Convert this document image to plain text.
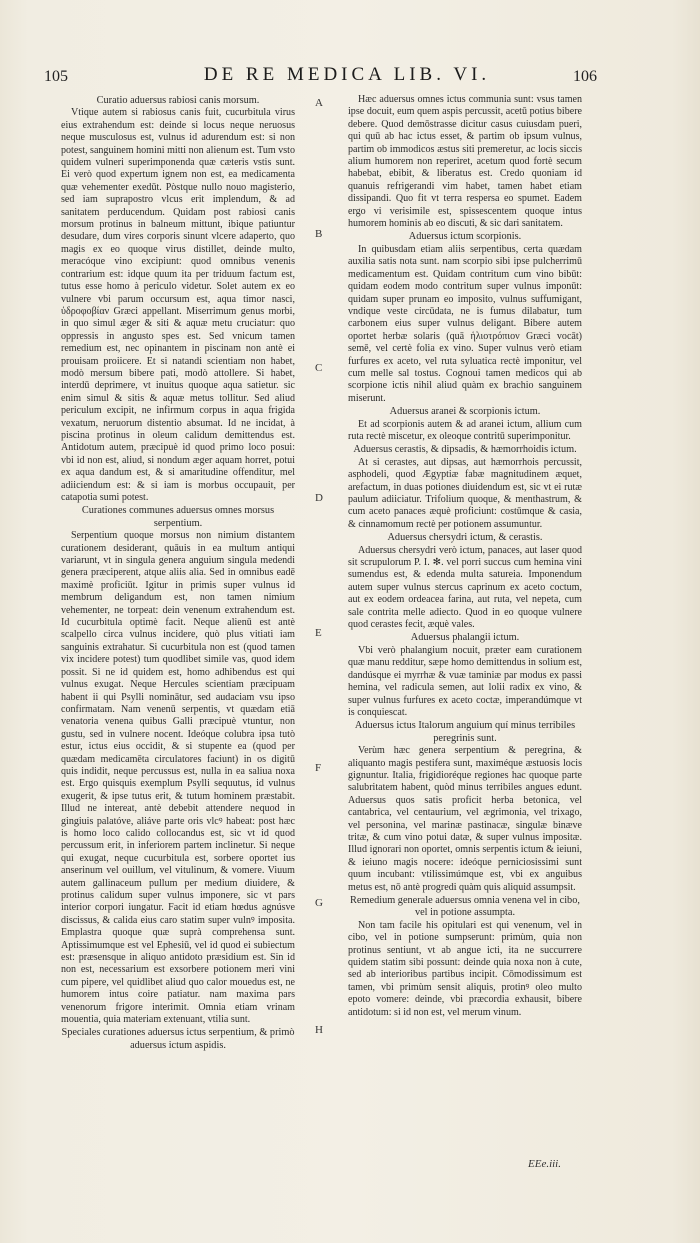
105	DE RE MEDICA LIB. VI.	106
Curatio aduersus rabiosi canis morsum.
Vtique autem si rabiosus canis fuit, cucurbitula virus eius extrahendum est: deinde si locus neque neruosus neque musculosus est, vulnus id adurendum est: si non potest, sanguinem homini mitti non alienum est. Tum vsto quidem vulneri superimponenda quæ cæteris vstis sunt. Ei verò quod expertum ignem non est, ea medicamenta quæ vehementer exedūt. Pòstque nullo nouo magisterio, sed iam suprapostro vlcus erit implendum, & ad sanitatem perducendum. Quidam post rabiosi canis morsum protinus in balneum mittunt, ibique patiuntur desudare, dum vires corporis sinunt vlcere adaperto, quo magis ex eo quoque virus distillet, deinde multo, meracóque vino excipiunt: quod omnibus venenis contrarium est: idque quum ita per triduum factum est, tutus esse homo à periculo videtur. Solet autem ex eo vulnere vbi parum occursum est, aqua timor nasci, ὑδροφοβίαν Græci appellant. Miserrimum genus morbi, in quo simul æger & siti & aquæ metu cruciatur: quo oppressis in angusto spes est. Sed vnicum tamen remedium est, nec opinantem in piscinam non antè ei prouisam proiicere. Et si natandi scientiam non habet, modò mersum bibere pati, modò attollere. Si habet, interdū deprimere, vt inuitus quoque aqua satietur. sic enim simul & sitis & aquæ metus tollitur. Sed aliud periculum excipit, ne infirmum corpus in aqua frigida vexatum, neruorum distentio absumat. Id ne incidat, à piscina protinus in oleum calidum demittendus est. Antidotum autem, præcipuè id quod primo loco posui: vbi id non est, aliud, si nondum æger aquam horret, potui ex aqua dandum est, & si amaritudine offenditur, mel adiiciendum est: & si iam is morbus occupauit, per catapotia sumi potest.
Curationes communes aduersus omnes morsus serpentium.
Serpentium quoque morsus non nimium distantem curationem desiderant, quāuis in ea multum antiqui variarunt, vt in singula genera anguium singula medendi genera præciperent, atque aliis alia. Sed in omnibus eadē maximè proficiūt. Igitur in primis super vulnus id membrum deligandum est, non tamen nimium vehementer, ne torpeat: dein venenum extrahendum est. Id cucurbitula optimè facit. Neque alienū est antè scalpello circa vulnus incidere, quò plus vitiati iam sanguinis extrahatur. Si cucurbitula non est (quod tamen vix incidere potest) tum quodlibet simile vas, quod idem possit. Si ne id quidem est, homo adhibendus est qui vulnus exugat. Neque Hercules scientiam præcipuam habent ii qui Psylli nominātur, sed audaciam vsu ipso confirmatam. Nam venenū serpentis, vt quædam etiā venatoria venena quibus Galli præcipuè vtuntur, non gustu, sed in vulnere nocent. Ideóque colubra ipsa tutò estur, ictus eius occidit, & si stupente ea (quod per quædam medicamēta circulatores faciunt) in os digitū quis indidit, neque percussus est, nulla in ea saliua noxa est. Ergo quisquis exemplum Psylli sequutus, id vulnus exugerit, & ipse tutus erit, & tutum hominem præstabit. Illud ne intereat, antè debebit attendere nequod in gingiuis palatóve, aliáve parte oris vlcꝰ habeat: post hæc is homo loco calido collocandus est, sic vt id quod percussum erit, in inferiorem partem inclinetur. Si neque qui exugat, neque cucurbitula est, sorbere oportet ius anserinum vel ouillum, vel vitulinum, & vomere. Viuum autem gallinaceum pullum per medium diuidere, & protinus calidum super vulnus imponere, sic vt pars interior corpori iungatur. Facit id etiam hœdus agnúsve discissus, & calida eius caro statim super vulnꝰ imposita. Emplastra quoque quæ suprà comprehensa sunt. Aptissimumque est vel Ephesiū, vel id quod ei subiectum est: præsensque in aliquo antidoto præsidium est. Sin id non est, necessarium est exsorbere potionem meri vini cum pipere, vel quidlibet aliud quo calor mouedus est, ne humorem intus coire patiatur. nam maxima pars venenorum frigore interimit. Omnia etiam vrinam mouentia, quia materiam extenuant, vtilia sunt.
Speciales curationes aduersus ictus serpentium, & primò aduersus ictum aspidis.
Hæc aduersus omnes ictus communia sunt: vsus tamen ipse docuit, eum quem aspis percussit, acetū potius bibere debere. Quod demōstrasse dicitur casus cuiusdam pueri, qui quū ab hac ictus esset, & partim ob ipsum vulnus, partim ob immodicos æstus siti premeretur, ac locis siccis alium humorem non reperiret, acetum quod fortè secum habebat, ebibit, & liberatus est. Credo quoniam id quanuis refrigerandi vim habet, tamen habet etiam dissipandi. Quo fit vt terra respersa eo spumet. Eadem ergo vi verisimile est, spissescentem quoque intus humorem hominis ab eo discuti, & sic dari sanitatem.
Aduersus ictum scorpionis.
In quibusdam etiam aliis serpentibus, certa quædam auxilia satis nota sunt. nam scorpio sibi ipse pulcherrimū medicamentum est. Quidam contritum cum vino bibūt: quidam eodem modo contritum super vulnus imponūt: quidam super prunam eo imposito, vulnus suffumigant, vndique veste circūdata, ne is fumus dilabatur, tum carbonem eius super vulnus deligant. Bibere autem oportet herbæ solaris (quā ἡλιοτρόπιον Græci vocāt) semē, vel certè folia ex vino. Super vulnus verò etiam furfures ex aceto, vel ruta syluatica rectè imponitur, vel cum melle sal tostus. Cognoui tamen medicos qui ab scorpione ictis nihil aliud quàm ex brachio sanguinem miserunt.
Aduersus aranei & scorpionis ictum.
Et ad scorpionis autem & ad aranei ictum, allium cum ruta rectè miscetur, ex oleoque contritū superimponitur.
Aduersus cerastis, & dipsadis, & hæmorrhoidis ictum.
At si cerastes, aut dipsas, aut hæmorrhois percussit, asphodeli, quod Ægyptiæ fabæ magnitudinem æquet, arefactum, in duas potiones diuidendum est, sic vt ei rutæ paulum adiiciatur. Trifolium quoque, & menthastrum, & cum aceto panaces æquè proficiunt: costūmque & casia, & cinnamomum rectè per potionem assumuntur.
Aduersus chersydri ictum, & cerastis.
Aduersus chersydri verò ictum, panaces, aut laser quod sit scrupulorum P. I. ✻. vel porri succus cum hemina vini sumendus est, & edenda multa satureia. Imponendum autem super vulnus stercus caprinum ex aceto coctum, aut ex eodem ordeacea farina, aut ruta, vel nepeta, cum sale contrita melle adiecto. Quod in eo quoque vulnere quod cerastes fecit, æquè vales.
Aduersus phalangii ictum.
Vbi verò phalangium nocuit, præter eam curationem quæ manu redditur, sæpe homo demittendus in solium est, dandúsque ei myrrhæ & vuæ taminiæ par modus ex passi hemina, vel radicula semen, aut lolii radix ex vino, & super vulnus furfures ex aceto coctæ, imperandúmque vt is conquiescat.
Aduersus ictus Italorum anguium quí minus terribiles peregrinis sunt.
Verùm hæc genera serpentium & peregrina, & aliquanto magis pestifera sunt, maximéque æstuosis locis gignuntur. Italia, frigidioréque regiones hac quoque parte salubritatem habent, quòd minus terribiles angues edunt. Aduersus quos satis proficit herba betonica, vel cantabrica, vel centaurium, vel ægrimonia, vel trixago, vel personina, vel marinæ pastinacæ, singulæ binæve tritæ, & cum vino potui datæ, & super vulnus impositæ. Illud ignorari non oportet, omnis serpentis ictum & ieiuni, & ieiuno magis nocere: ideóque perniciosissimi sunt quum incubant: vtilissimúmque est, vbi ex anguibus metus est, nō antè progredi quàm quis aliquid assumpsit.
Remedium generale aduersus omnia venena vel in cibo, vel in potione assumpta.
Non tam facile his opitulari est qui venenum, vel in cibo, vel in potione sumpserunt: primùm, quia non protinus sentiunt, vt ab angue icti, ita ne succurrere quidem statim sibi possunt: deinde quia noxa non à cute, sed ab interioribus partibus incipit. Cōmodissimum est tamen, vbi primùm sensit aliquis, protinꝰ oleo multo epoto vomere: deinde, vbi præcordia exhausit, bibere antidotum: si id non est, vel merum vinum.
A
B
C
D
E
F
G
H
EEe.iii.
